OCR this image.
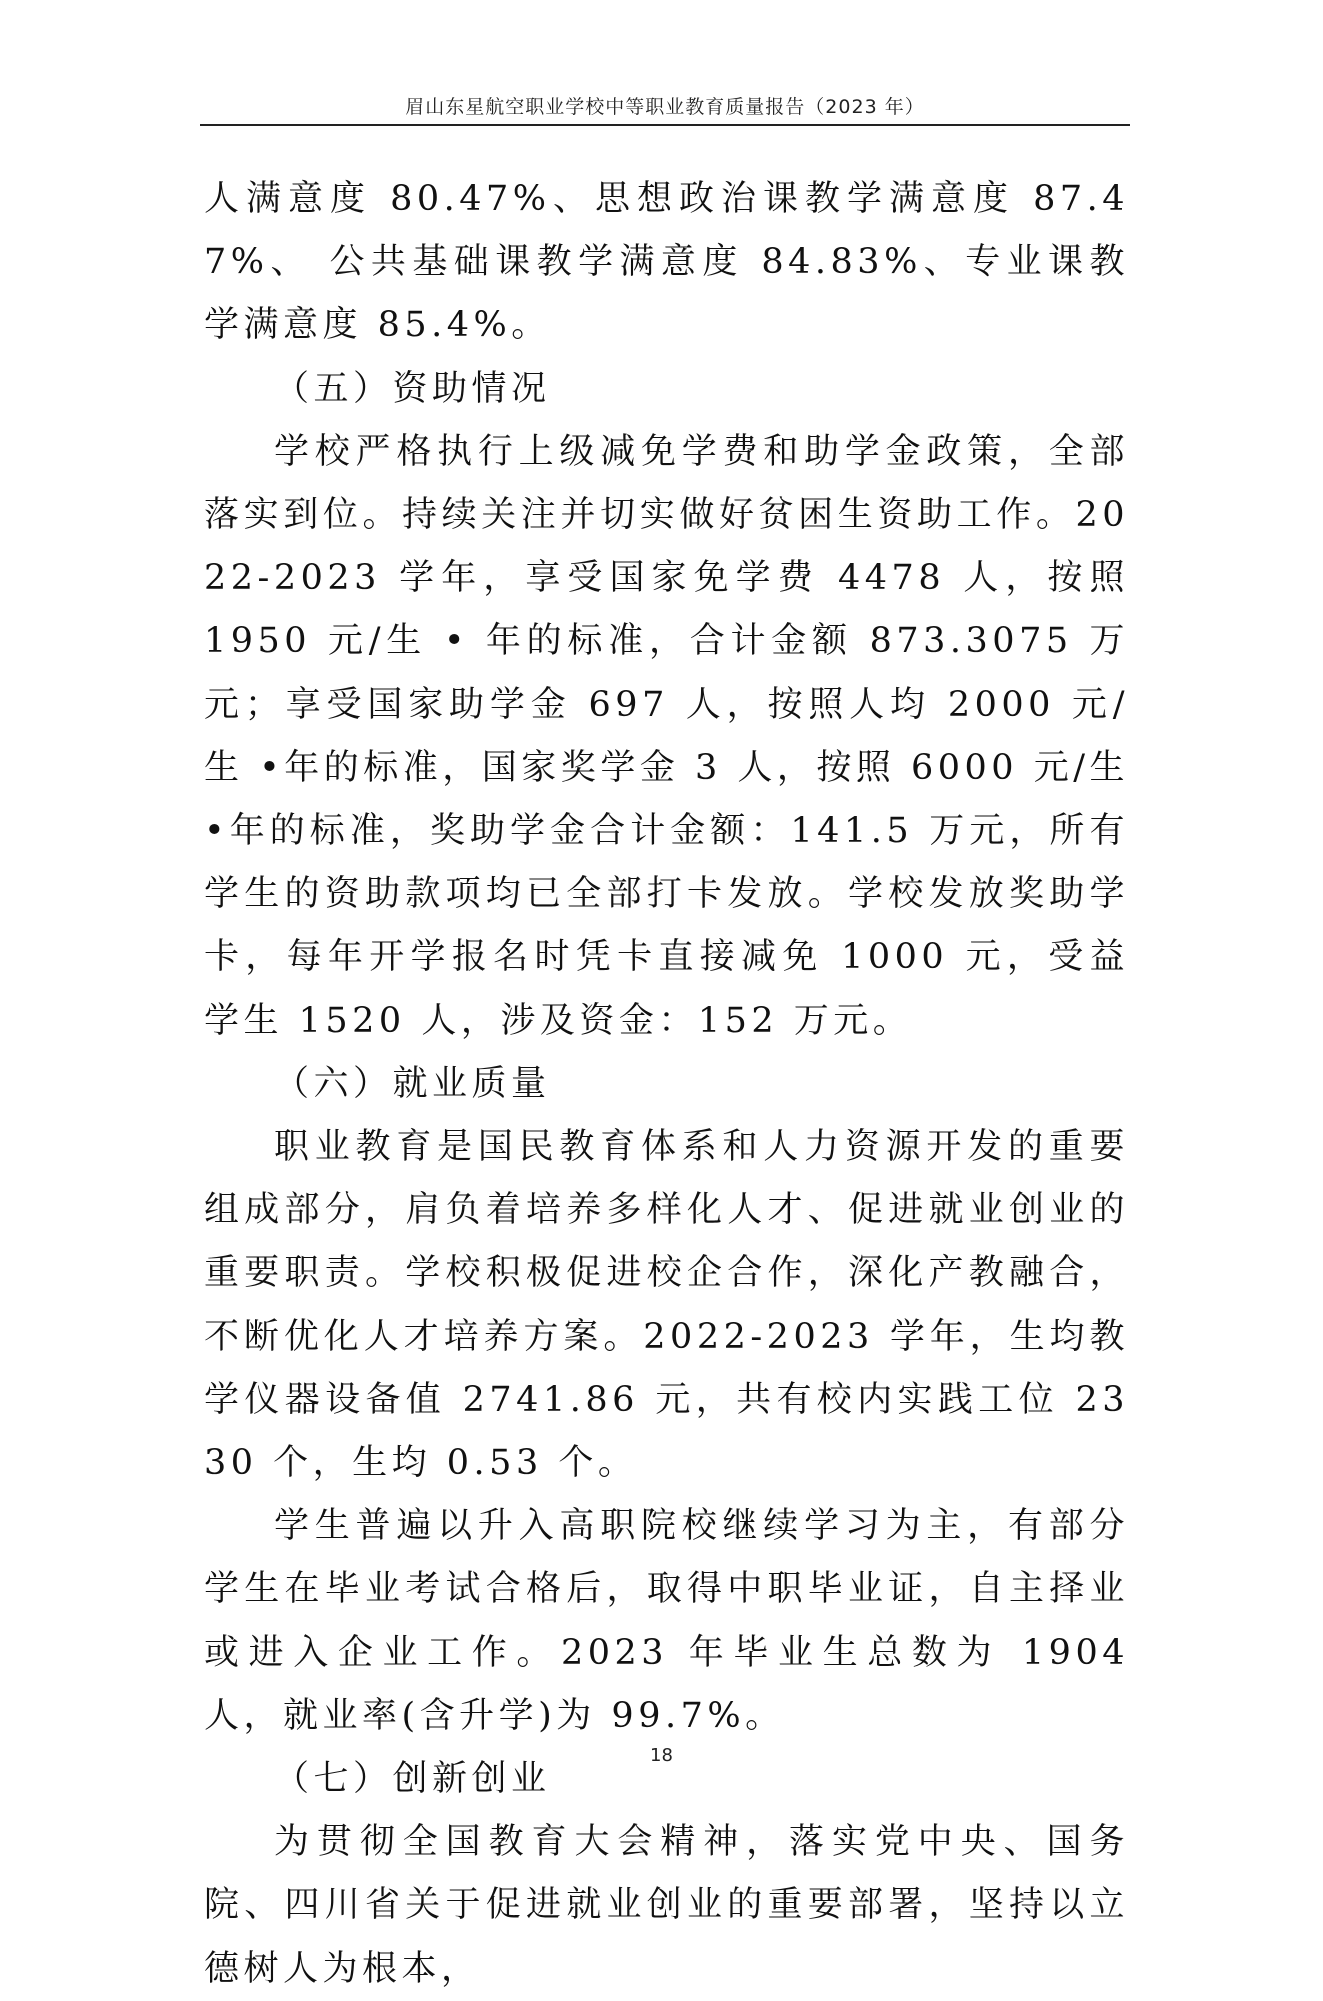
眉山东星航空职业学校中等职业教育质量报告（2023 年）

人满意度 80.47%、思想政治课教学满意度 87.47%、 公共基础课教学满意度 84.83%、专业课教学满意度 85.4%。

（五）资助情况

学校严格执行上级减免学费和助学金政策，全部落实到位。持续关注并切实做好贫困生资助工作。2022-2023 学年，享受国家免学费 4478 人，按照 1950 元/生 • 年的标准，合计金额 873.3075 万元；享受国家助学金 697 人，按照人均 2000 元/生 •年的标准，国家奖学金 3 人，按照 6000 元/生 •年的标准，奖助学金合计金额：141.5 万元，所有学生的资助款项均已全部打卡发放。学校发放奖助学卡，每年开学报名时凭卡直接减免 1000 元，受益学生 1520 人，涉及资金：152 万元。

（六）就业质量

职业教育是国民教育体系和人力资源开发的重要组成部分，肩负着培养多样化人才、促进就业创业的重要职责。学校积极促进校企合作，深化产教融合，不断优化人才培养方案。2022-2023 学年，生均教学仪器设备值 2741.86 元，共有校内实践工位 2330 个，生均 0.53 个。

学生普遍以升入高职院校继续学习为主，有部分学生在毕业考试合格后，取得中职毕业证，自主择业或进入企业工作。2023 年毕业生总数为 1904 人，就业率(含升学)为 99.7%。

（七）创新创业

为贯彻全国教育大会精神，落实党中央、国务院、四川省关于促进就业创业的重要部署，坚持以立德树人为根本，

18
